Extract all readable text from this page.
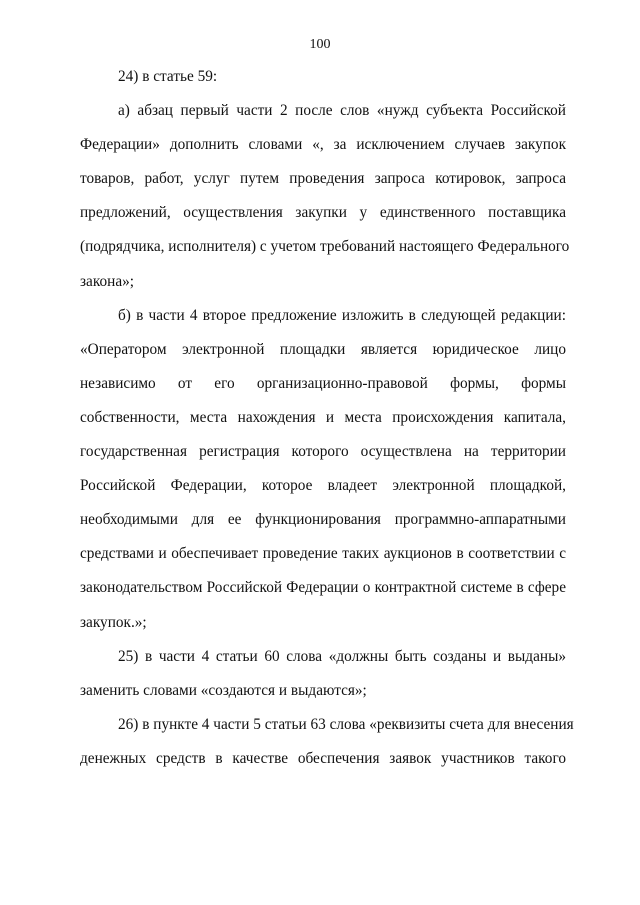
100

24) в статье 59:

а) абзац первый части 2 после слов «нужд субъекта Российской
Федерации» дополнить словами «, за исключением случаев закупок
товаров, работ, услуг путем проведения запроса котировок, запроса
предложений, осуществления закупки у единственного поставщика
(подрядчика, исполнителя) с учетом требований настоящего Федерального
закона»;

б) в части 4 второе предложение изложить в следующей редакции:
«Оператором электронной площадки является юридическое лицо
независимо от его организационно-правовой формы, формы
собственности, места нахождения и места происхождения капитала,
государственная регистрация которого осуществлена на территории
Российской Федерации, которое владеет электронной площадкой,
необходимыми для ее функционирования программно-аппаратными
средствами и обеспечивает проведение таких аукционов в соответствии с
законодательством Российской Федерации о контрактной системе в сфере
закупок.»;

25) в части 4 статьи 60 слова «должны быть созданы и выданы»
заменить словами «создаются и выдаются»;

26) в пункте 4 части 5 статьи 63 слова «реквизиты счета для внесения
денежных средств в качестве обеспечения заявок участников такого
